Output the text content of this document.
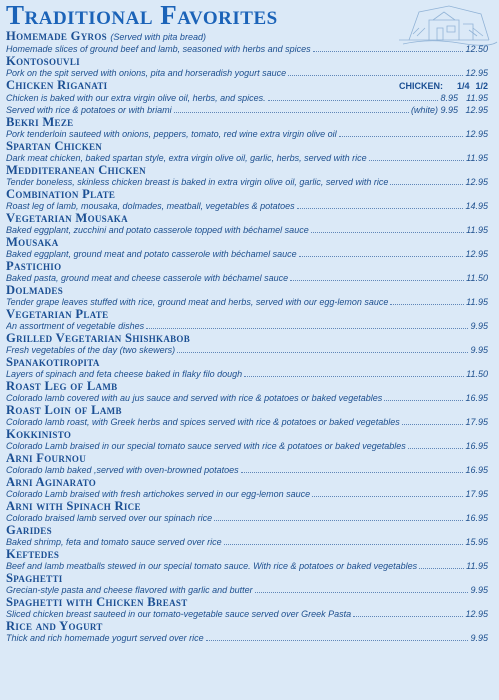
Traditional Favorites
Homemade Gyros (Served with pita bread)
Homemade slices of ground beef and lamb, seasoned with herbs and spices	12.50
Kontosouvli
Pork on the spit served with onions, pita and horseradish yogurt sauce	12.95
Chicken Riganati	CHICKEN: 1/4 1/2
Chicken is baked with our extra virgin olive oil, herbs, and spices.	8.95 11.95
Served with rice & potatoes or with briami	(white) 9.95 12.95
Bekri Meze
Pork tenderloin sauteed with onions, peppers, tomato, red wine extra virgin olive oil	12.95
Spartan Chicken
Dark meat chicken, baked spartan style, extra virgin olive oil, garlic, herbs, served with rice	11.95
Medditeranean Chicken
Tender boneless, skinless chicken breast is baked in extra virgin olive oil, garlic, served with rice	12.95
Combination Plate
Roast leg of lamb, mousaka, dolmades, meatball, vegetables & potatoes	14.95
Vegetarian Mousaka
Baked eggplant, zucchini and potato casserole topped with béchamel sauce	11.95
Mousaka
Baked eggplant, ground meat and potato casserole with béchamel sauce	12.95
Pastichio
Baked pasta, ground meat and cheese casserole with béchamel sauce	11.50
Dolmades
Tender grape leaves stuffed with rice, ground meat and herbs, served with our egg-lemon sauce	11.95
Vegetarian Plate
An assortment of vegetable dishes	9.95
Grilled Vegetarian Shishkabob
Fresh vegetables of the day (two skewers)	9.95
Spanakotiropita
Layers of spinach and feta cheese baked in flaky filo dough	11.50
Roast Leg of Lamb
Colorado lamb covered with au jus sauce and served with rice & potatoes or baked vegetables	16.95
Roast Loin of Lamb
Colorado lamb roast, with Greek herbs and spices served with rice & potatoes or baked vegetables	17.95
Kokkinisto
Colorado Lamb braised in our special tomato sauce served with rice & potatoes or baked vegetables	16.95
Arni Fournou
Colorado lamb baked ,served with oven-browned potatoes	16.95
Arni Aginarato
Colorado Lamb braised with fresh artichokes served in our egg-lemon sauce	17.95
Arni with Spinach Rice
Colorado braised lamb served over our spinach rice	16.95
Garides
Baked shrimp, feta and tomato sauce served over rice	15.95
Keftedes
Beef and lamb meatballs stewed in our special tomato sauce. With rice & potatoes or baked vegetables	11.95
Spaghetti
Grecian-style pasta and cheese flavored with garlic and butter	9.95
Spaghetti with Chicken Breast
Sliced chicken breast sauteed in our tomato-vegetable sauce served over Greek Pasta	12.95
Rice and Yogurt
Thick and rich homemade yogurt served over rice	9.95
